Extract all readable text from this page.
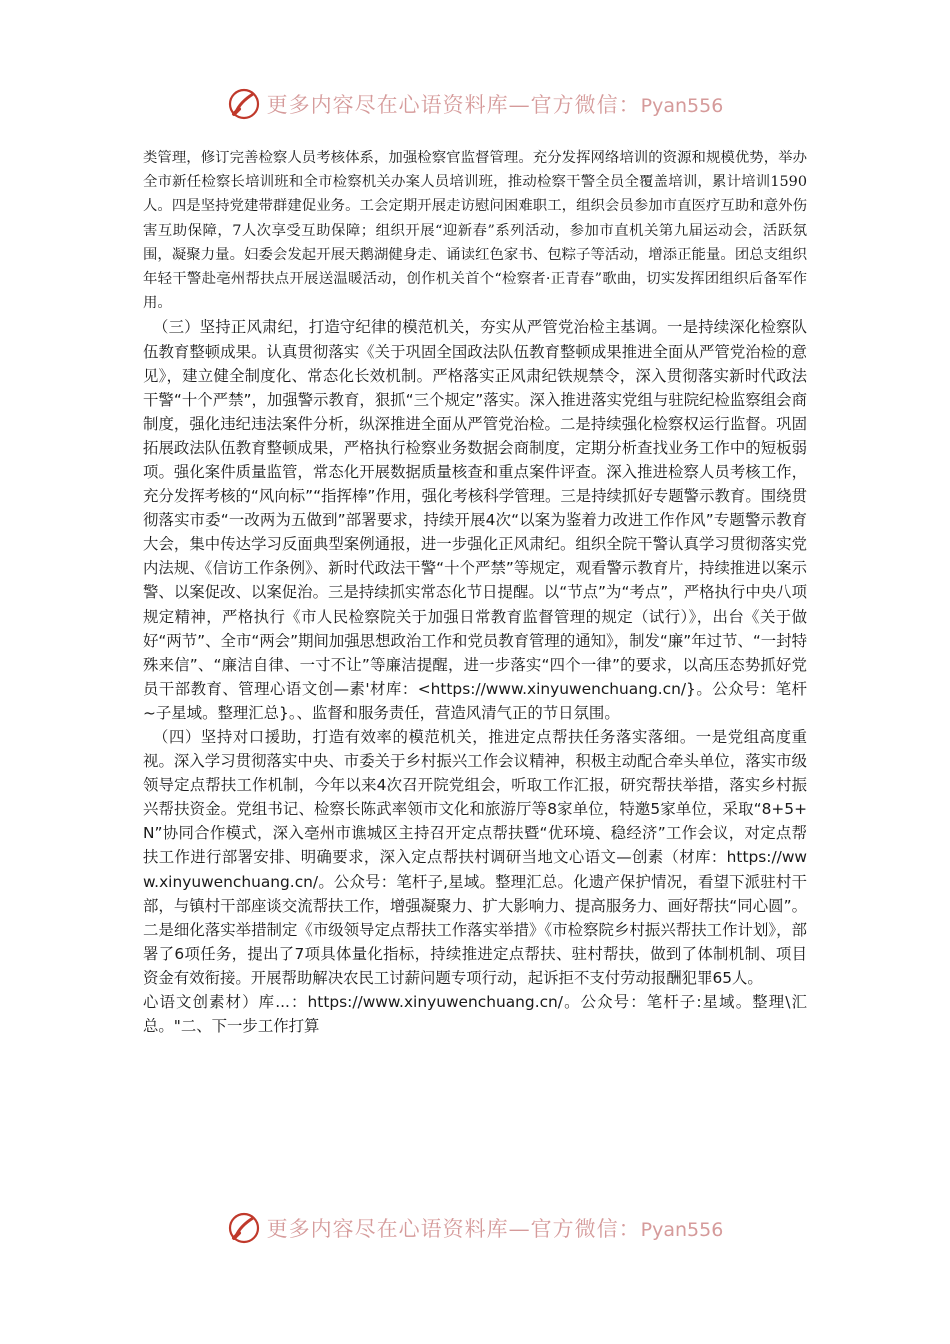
更多内容尽在心语资料库—官方微信：Pyan556

类管理，修订完善检察人员考核体系，加强检察官监督管理。充分发挥网络培训的资源和规模优势，举办全市新任检察长培训班和全市检察机关办案人员培训班，推动检察干警全员全覆盖培训，累计培训1590人。四是坚持党建带群建促业务。工会定期开展走访慰问困难职工，组织会员参加市直医疗互助和意外伤害互助保障，7人次享受互助保障；组织开展“迎新春”系列活动，参加市直机关第九届运动会，活跃氛围，凝聚力量。妇委会发起开展天鹅湖健身走、诵读红色家书、包粽子等活动，增添正能量。团总支组织年轻干警赴亳州帮扶点开展送温暖活动，创作机关首个“检察者·正青春”歌曲，切实发挥团组织后备军作用。

（三）坚持正风肃纪，打造守纪律的模范机关，夯实从严管党治检主基调。一是持续深化检察队伍教育整顿成果。认真贯彻落实《关于巩固全国政法队伍教育整顿成果推进全面从严管党治检的意见》，建立健全制度化、常态化长效机制。严格落实正风肃纪铁规禁令，深入贯彻落实新时代政法干警“十个严禁”，加强警示教育，狠抓“三个规定”落实。深入推进落实党组与驻院纪检监察组会商制度，强化违纪违法案件分析，纵深推进全面从严管党治检。二是持续强化检察权运行监督。巩固拓展政法队伍教育整顿成果，严格执行检察业务数据会商制度，定期分析查找业务工作中的短板弱项。强化案件质量监管，常态化开展数据质量核查和重点案件评查。深入推进检察人员考核工作，充分发挥考核的“风向标”“指挥棒”作用，强化考核科学管理。三是持续抓好专题警示教育。围绕贯彻落实市委“一改两为五做到”部署要求，持续开展4次“以案为鉴着力改进工作作风”专题警示教育大会，集中传达学习反面典型案例通报，进一步强化正风肃纪。组织全院干警认真学习贯彻落实党内法规、《信访工作条例》、新时代政法干警“十个严禁”等规定，观看警示教育片，持续推进以案示警、以案促改、以案促治。三是持续抓实常态化节日提醒。以“节点”为“考点”，严格执行中央八项规定精神，严格执行《市人民检察院关于加强日常教育监督管理的规定（试行）》，出台《关于做好“两节”、全市“两会”期间加强思想政治工作和党员教育管理的通知》，制发“廉”年过节、“一封特殊来信”、“廉洁自律、一寸不让”等廉洁提醒，进一步落实“四个一律”的要求，以高压态势抓好党员干部教育、管理心语文创—素'材库：<https://www.xinyuwenchuang.cn/}。公众号：笔杆~子星域。整理汇总}。、监督和服务责任，营造风清气正的节日氛围。

（四）坚持对口援助，打造有效率的模范机关，推进定点帮扶任务落实落细。一是党组高度重视。深入学习贯彻落实中央、市委关于乡村振兴工作会议精神，积极主动配合牵头单位，落实市级领导定点帮扶工作机制，今年以来4次召开院党组会，听取工作汇报，研究帮扶举措，落实乡村振兴帮扶资金。党组书记、检察长陈武率领市文化和旅游厅等8家单位，特邀5家单位，采取“8+5+N”协同合作模式，深入亳州市谯城区主持召开定点帮扶暨“优环境、稳经济”工作会议，对定点帮扶工作进行部署安排、明确要求，深入定点帮扶村调研当地文心语文—创素（材库：https://www.xinyuwenchuang.cn/。公众号：笔杆子,星域。整理汇总。化遗产保护情况，看望下派驻村干部，与镇村干部座谈交流帮扶工作，增强凝聚力、扩大影响力、提高服务力、画好帮扶“同心圆”。二是细化落实举措制定《市级领导定点帮扶工作落实举措》《市检察院乡村振兴帮扶工作计划》，部署了6项任务，提出了7项具体量化指标，持续推进定点帮扶、驻村帮扶，做到了体制机制、项目资金有效衔接。开展帮助解决农民工讨薪问题专项行动，起诉拒不支付劳动报酬犯罪65人。

心语文创素材）库...：https://www.xinyuwenchuang.cn/。公众号：笔杆子:星域。整理\汇总。"二、下一步工作打算

更多内容尽在心语资料库—官方微信：Pyan556
